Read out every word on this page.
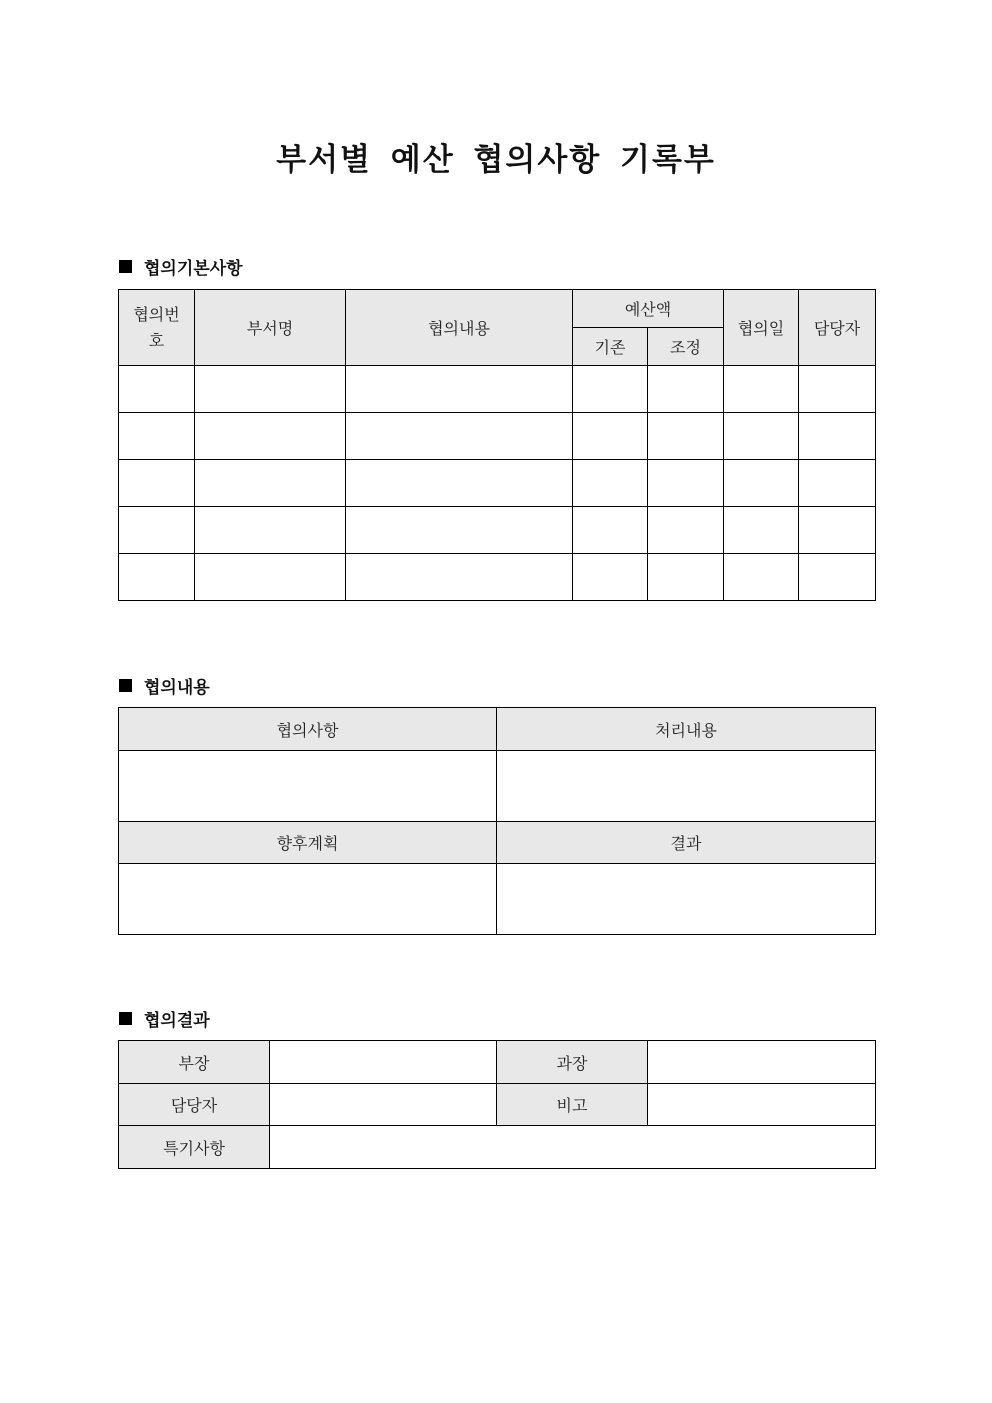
부서별 예산 협의사항 기록부
협의기본사항
협의번호	부서명	협의내용	예산액		협의일	담당자
			기존	조정		

협의내용
협의사항	처리내용

향후계획	결과

협의결과
부장		과장	
담당자		비고	
특기사항			
